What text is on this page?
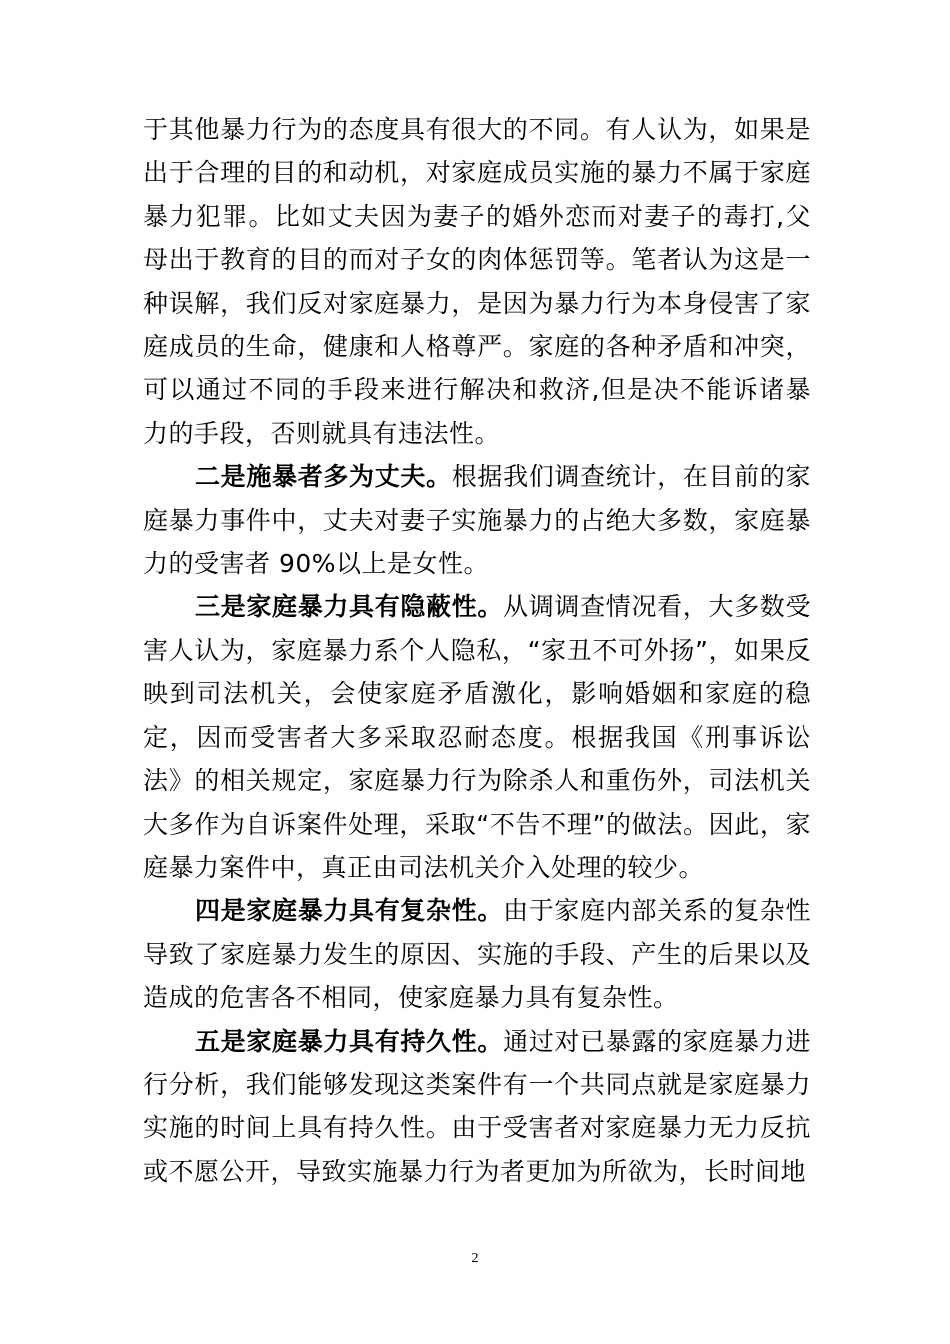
于其他暴力行为的态度具有很大的不同。有人认为，如果是出于合理的目的和动机，对家庭成员实施的暴力不属于家庭暴力犯罪。比如丈夫因为妻子的婚外恋而对妻子的毒打,父母出于教育的目的而对子女的肉体惩罚等。笔者认为这是一种误解，我们反对家庭暴力，是因为暴力行为本身侵害了家庭成员的生命，健康和人格尊严。家庭的各种矛盾和冲突，可以通过不同的手段来进行解决和救济,但是决不能诉诸暴力的手段，否则就具有违法性。

二是施暴者多为丈夫。根据我们调查统计，在目前的家庭暴力事件中，丈夫对妻子实施暴力的占绝大多数，家庭暴力的受害者 90%以上是女性。

三是家庭暴力具有隐蔽性。从调调查情况看，大多数受害人认为，家庭暴力系个人隐私，“家丑不可外扬”，如果反映到司法机关，会使家庭矛盾激化，影响婚姻和家庭的稳定，因而受害者大多采取忍耐态度。根据我国《刑事诉讼法》的相关规定，家庭暴力行为除杀人和重伤外，司法机关大多作为自诉案件处理，采取“不告不理”的做法。因此，家庭暴力案件中，真正由司法机关介入处理的较少。

四是家庭暴力具有复杂性。由于家庭内部关系的复杂性导致了家庭暴力发生的原因、实施的手段、产生的后果以及造成的危害各不相同，使家庭暴力具有复杂性。

五是家庭暴力具有持久性。通过对已暴露的家庭暴力进行分析，我们能够发现这类案件有一个共同点就是家庭暴力实施的时间上具有持久性。由于受害者对家庭暴力无力反抗或不愿公开，导致实施暴力行为者更加为所欲为，长时间地

2
